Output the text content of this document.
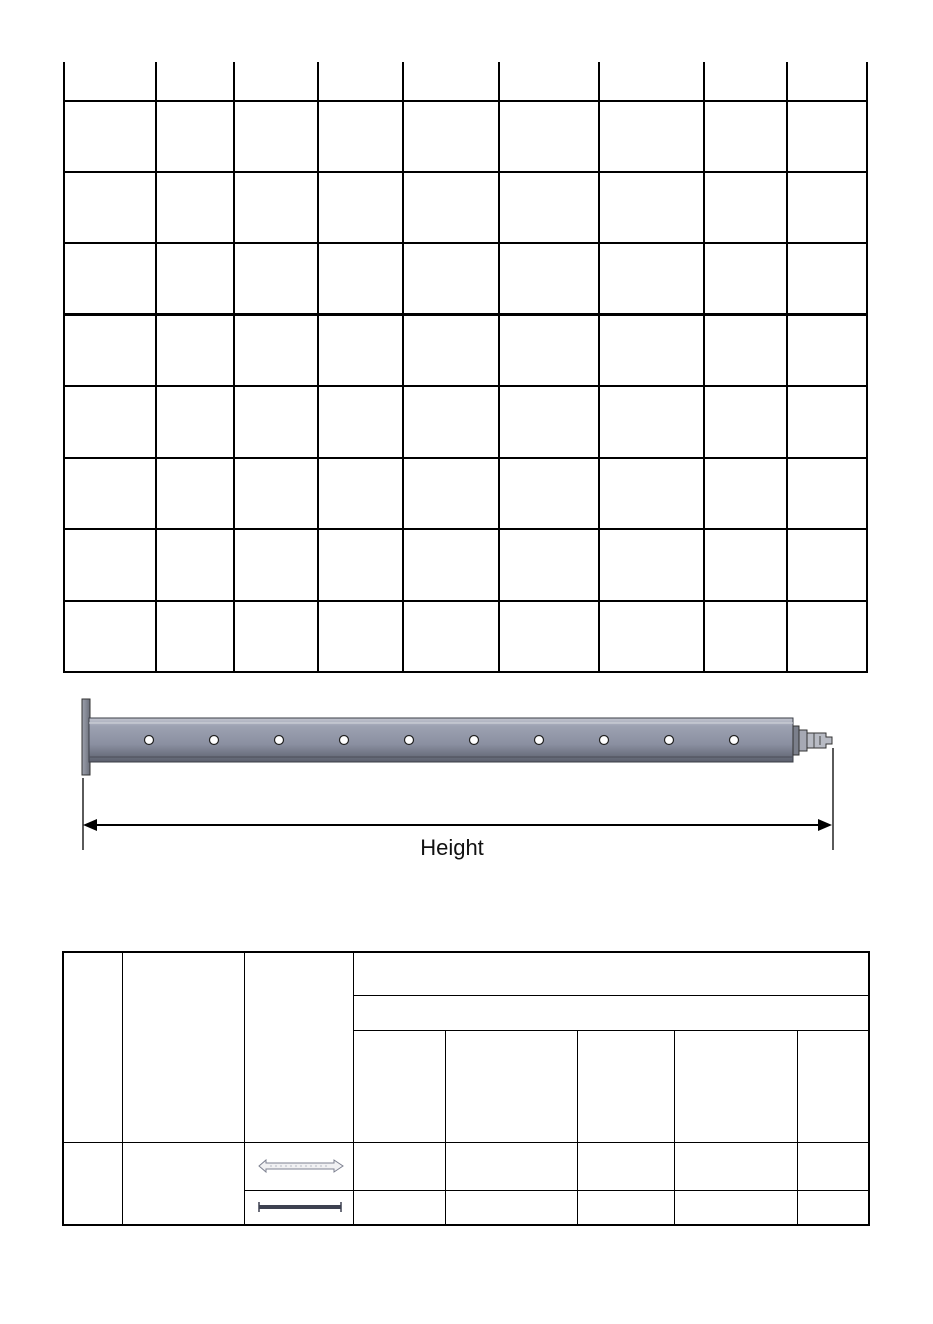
Height
